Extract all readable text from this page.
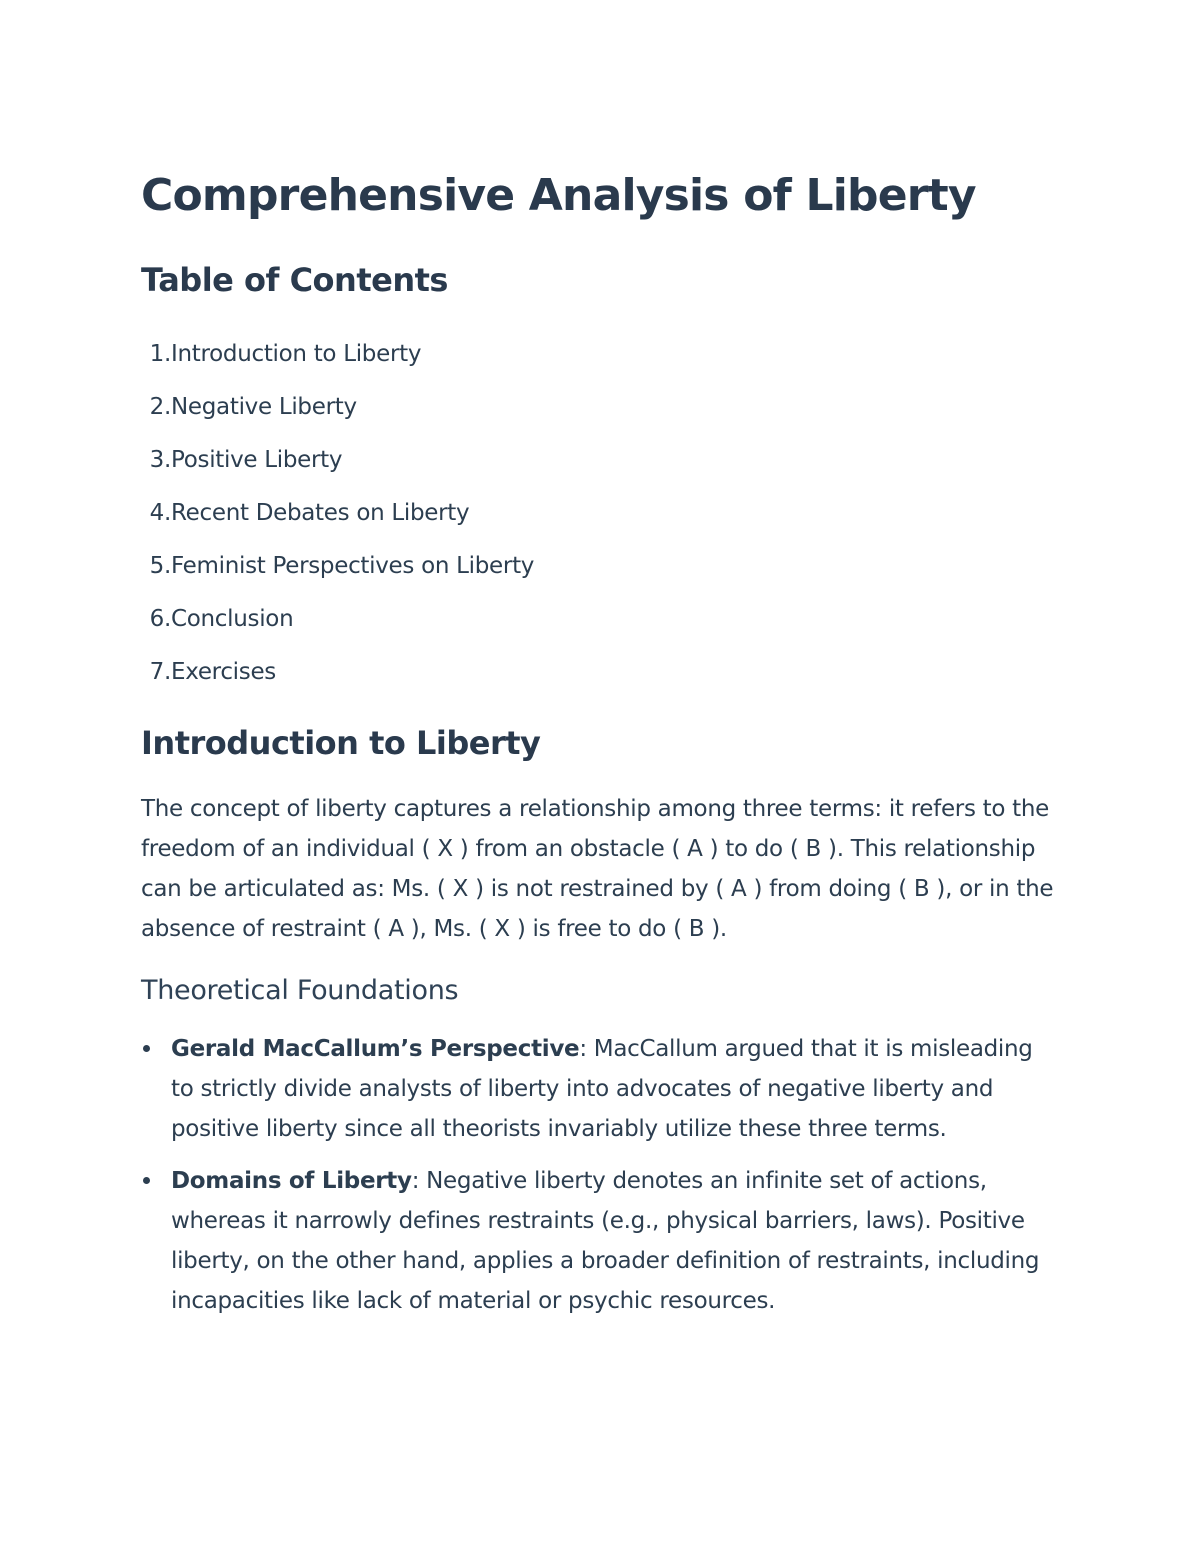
Comprehensive Analysis of Liberty
Table of Contents
1. Introduction to Liberty
2. Negative Liberty
3. Positive Liberty
4. Recent Debates on Liberty
5. Feminist Perspectives on Liberty
6. Conclusion
7. Exercises
Introduction to Liberty

The concept of liberty captures a relationship among three terms: it refers to the freedom of an individual ( X ) from an obstacle ( A ) to do ( B ). This relationship can be articulated as: Ms. ( X ) is not restrained by ( A ) from doing ( B ), or in the absence of restraint ( A ), Ms. ( X ) is free to do ( B ).

Theoretical Foundations
Gerald MacCallum’s Perspective: MacCallum argued that it is misleading to strictly divide analysts of liberty into advocates of negative liberty and positive liberty since all theorists invariably utilize these three terms.
Domains of Liberty: Negative liberty denotes an infinite set of actions, whereas it narrowly defines restraints (e.g., physical barriers, laws). Positive liberty, on the other hand, applies a broader definition of restraints, including incapacities like lack of material or psychic resources.
